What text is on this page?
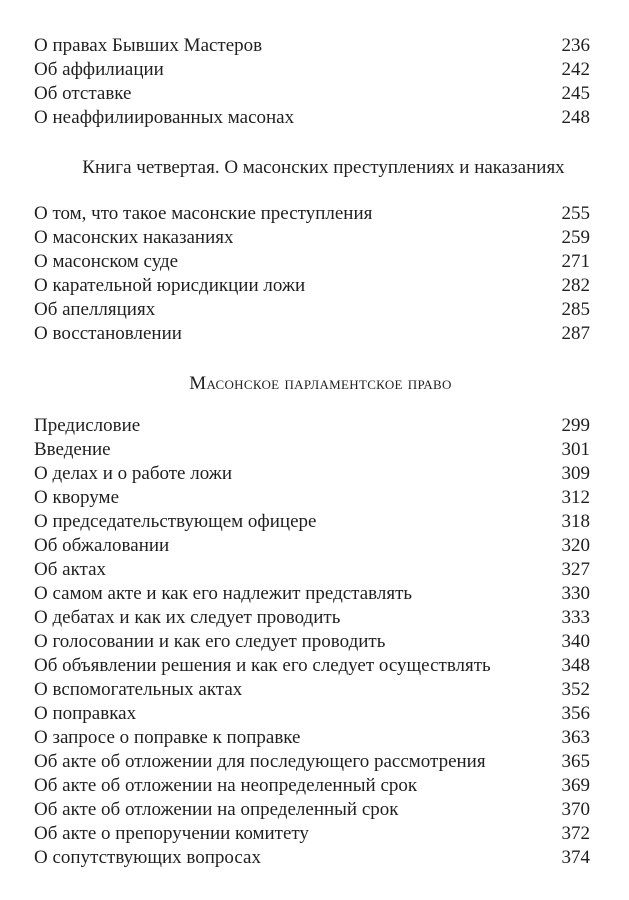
О правах Бывших Мастеров	236
Об аффилиации	242
Об отставке	245
О неаффилиированных масонах	248
Книга четвертая. О масонских преступлениях и наказаниях
О том, что такое масонские преступления	255
О масонских наказаниях	259
О масонском суде	271
О карательной юрисдикции ложи	282
Об апелляциях	285
О восстановлении	287
Масонское парламентское право
Предисловие	299
Введение	301
О делах и о работе ложи	309
О кворуме	312
О председательствующем офицере	318
Об обжаловании	320
Об актах	327
О самом акте и как его надлежит представлять	330
О дебатах и как их следует проводить	333
О голосовании и как его следует проводить	340
Об объявлении решения и как его следует осуществлять	348
О вспомогательных актах	352
О поправках	356
О запросе о поправке к поправке	363
Об акте об отложении для последующего рассмотрения	365
Об акте об отложении на неопределенный срок	369
Об акте об отложении на определенный срок	370
Об акте о препоручении комитету	372
О сопутствующих вопросах	374
